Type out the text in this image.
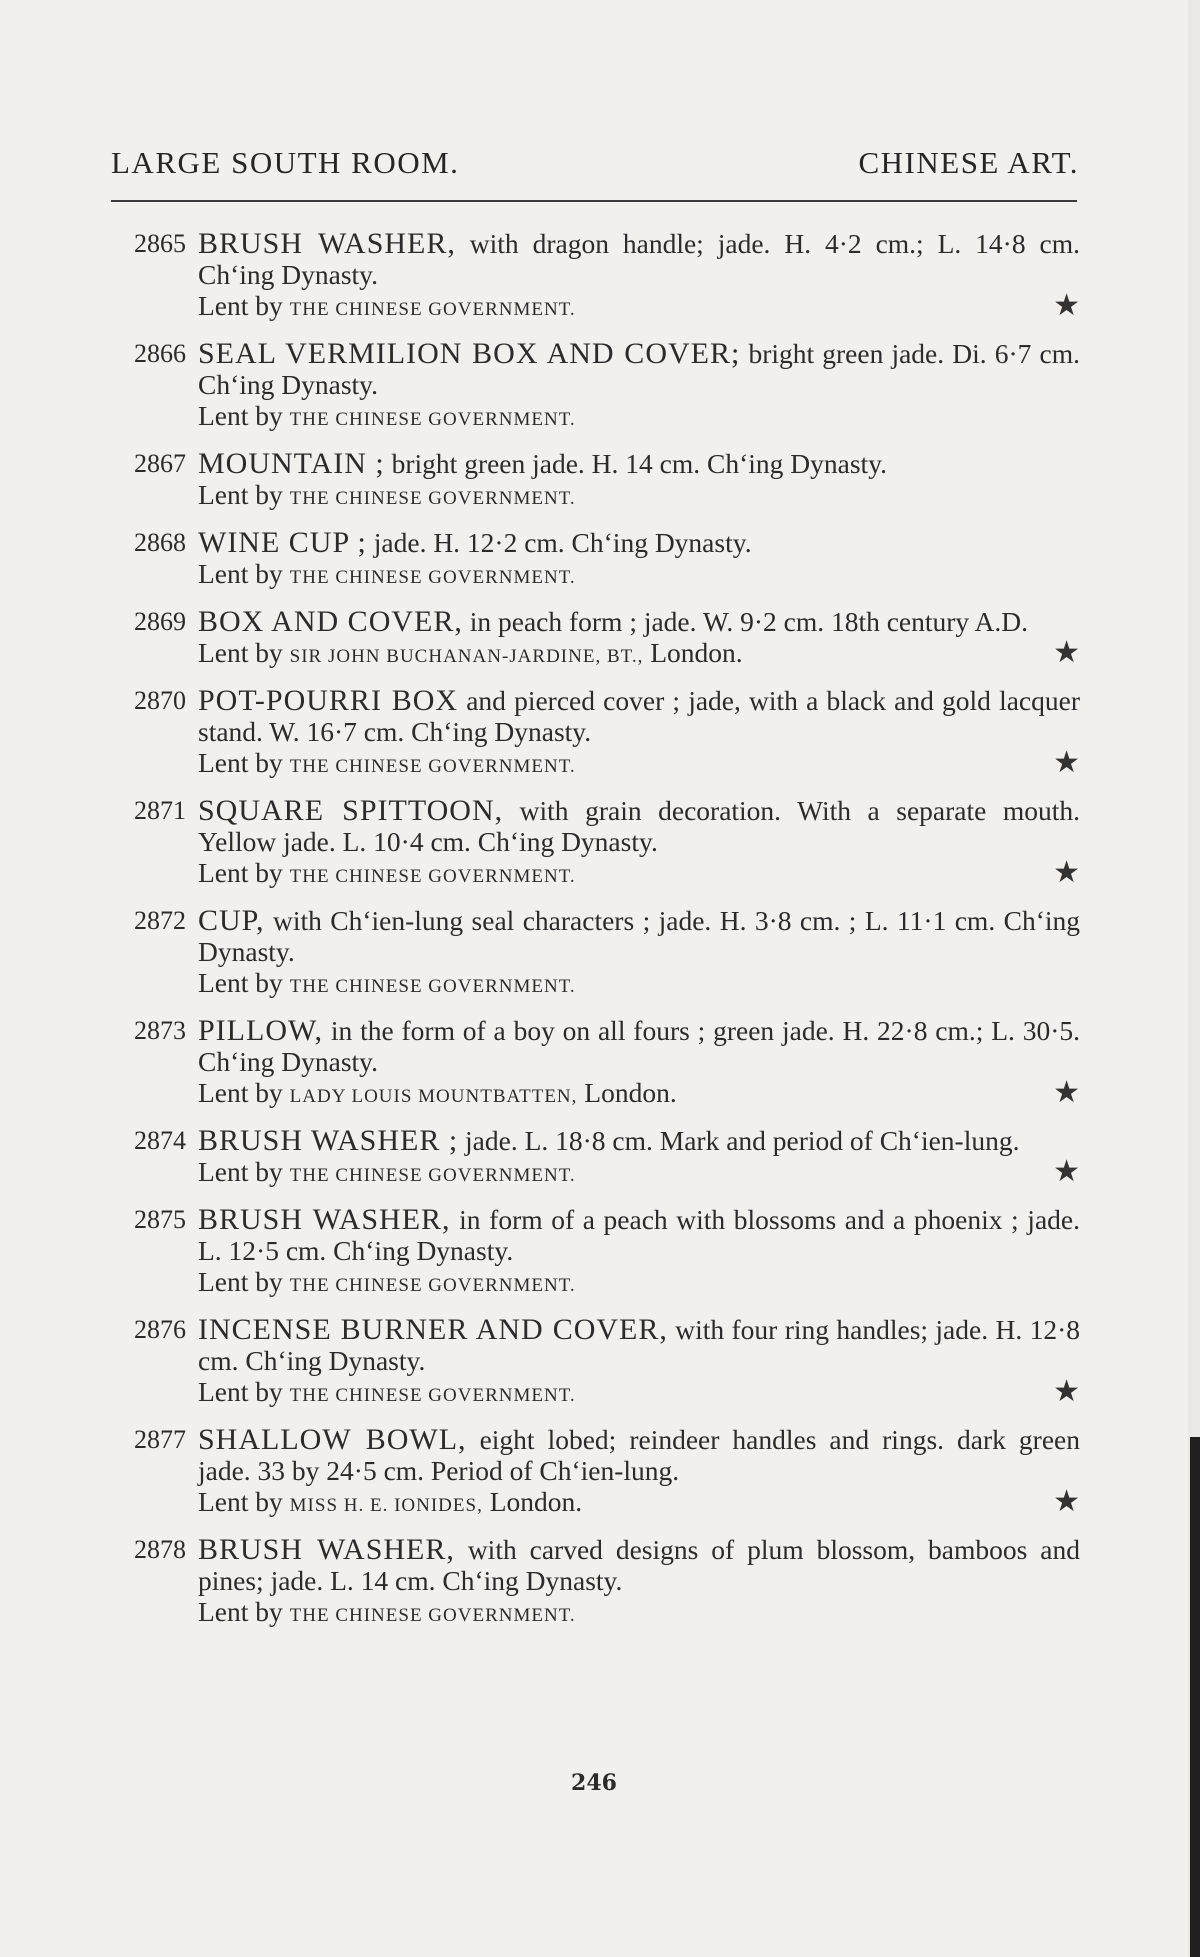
LARGE SOUTH ROOM.	CHINESE ART.
2865 BRUSH WASHER, with dragon handle; jade. H. 4·2 cm.; L. 14·8 cm. Ch‘ing Dynasty.
★
Lent by THE CHINESE GOVERNMENT.
2866 SEAL VERMILION BOX AND COVER; bright green jade. Di. 6·7 cm. Ch‘ing Dynasty.
Lent by THE CHINESE GOVERNMENT.
2867 MOUNTAIN ; bright green jade. H. 14 cm. Ch‘ing Dynasty.
Lent by THE CHINESE GOVERNMENT.
2868 WINE CUP ; jade. H. 12·2 cm. Ch‘ing Dynasty.
Lent by THE CHINESE GOVERNMENT.
2869 BOX AND COVER, in peach form ; jade. W. 9·2 cm. 18th century A.D.
★
Lent by SIR JOHN BUCHANAN-JARDINE, BT., London.
2870 POT-POURRI BOX and pierced cover ; jade, with a black and gold lacquer stand. W. 16·7 cm. Ch‘ing Dynasty.
★
Lent by THE CHINESE GOVERNMENT.
2871 SQUARE SPITTOON, with grain decoration. With a separate mouth. Yellow jade. L. 10·4 cm. Ch‘ing Dynasty.
★
Lent by THE CHINESE GOVERNMENT.
2872 CUP, with Ch‘ien-lung seal characters ; jade. H. 3·8 cm. ; L. 11·1 cm. Ch‘ing Dynasty.
Lent by THE CHINESE GOVERNMENT.
2873 PILLOW, in the form of a boy on all fours ; green jade. H. 22·8 cm.; L. 30·5. Ch‘ing Dynasty.
★
Lent by LADY LOUIS MOUNTBATTEN, London.
2874 BRUSH WASHER ; jade. L. 18·8 cm. Mark and period of Ch‘ien-lung.
★
Lent by THE CHINESE GOVERNMENT.
2875 BRUSH WASHER, in form of a peach with blossoms and a phoenix ; jade. L. 12·5 cm. Ch‘ing Dynasty.
Lent by THE CHINESE GOVERNMENT.
2876 INCENSE BURNER AND COVER, with four ring handles; jade. H. 12·8 cm. Ch‘ing Dynasty.
★
Lent by THE CHINESE GOVERNMENT.
2877 SHALLOW BOWL, eight lobed; reindeer handles and rings. dark green jade. 33 by 24·5 cm. Period of Ch‘ien-lung.
★
Lent by MISS H. E. IONIDES, London.
2878 BRUSH WASHER, with carved designs of plum blossom, bamboos and pines; jade. L. 14 cm. Ch‘ing Dynasty.
Lent by THE CHINESE GOVERNMENT.
246
